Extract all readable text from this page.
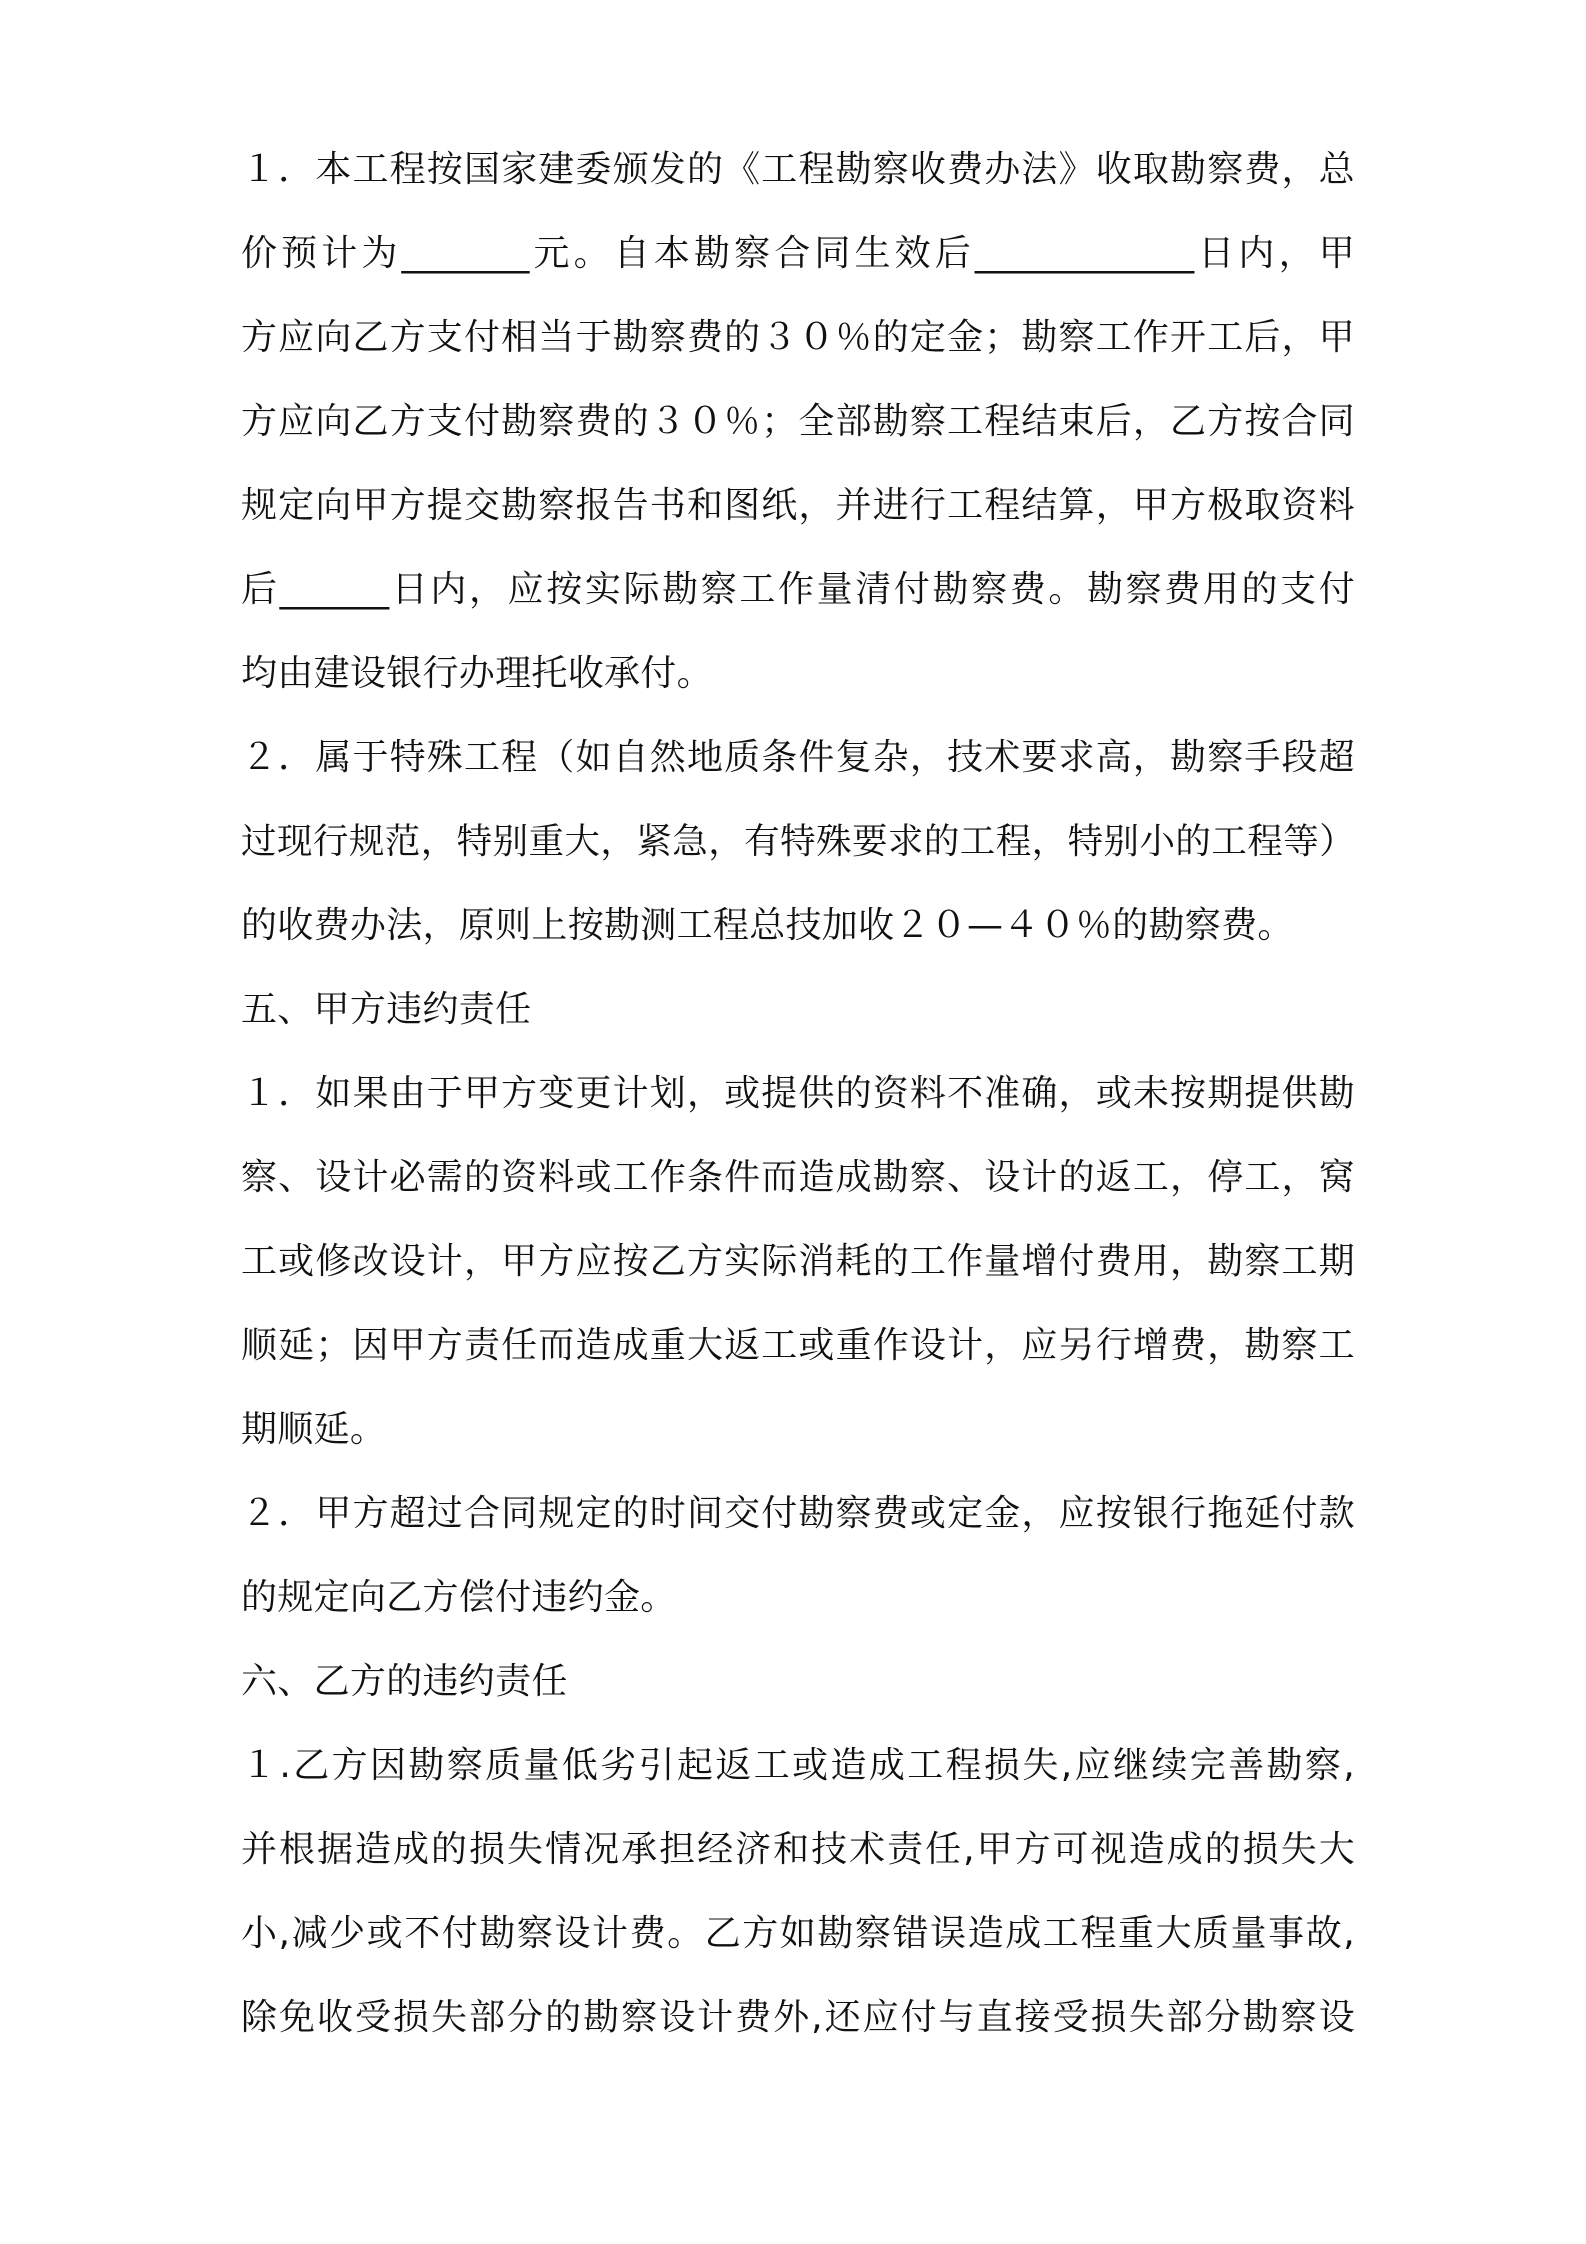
１．本工程按国家建委颁发的《工程勘察收费办法》收取勘察费，总
价预计为_______元。自本勘察合同生效后____________日内，甲
方应向乙方支付相当于勘察费的３０％的定金；勘察工作开工后，甲
方应向乙方支付勘察费的３０％；全部勘察工程结束后，乙方按合同
规定向甲方提交勘察报告书和图纸，并进行工程结算，甲方极取资料
后______日内，应按实际勘察工作量清付勘察费。勘察费用的支付
均由建设银行办理托收承付。
２．属于特殊工程（如自然地质条件复杂，技术要求高，勘察手段超
过现行规范，特别重大，紧急，有特殊要求的工程，特别小的工程等）
的收费办法，原则上按勘测工程总技加收２０—４０％的勘察费。
五、甲方违约责任
１．如果由于甲方变更计划，或提供的资料不准确，或未按期提供勘
察、设计必需的资料或工作条件而造成勘察、设计的返工，停工，窝
工或修改设计，甲方应按乙方实际消耗的工作量增付费用，勘察工期
顺延；因甲方责任而造成重大返工或重作设计，应另行增费，勘察工
期顺延。
２．甲方超过合同规定的时间交付勘察费或定金，应按银行拖延付款
的规定向乙方偿付违约金。
六、乙方的违约责任
１.乙方因勘察质量低劣引起返工或造成工程损失,应继续完善勘察,
并根据造成的损失情况承担经济和技术责任,甲方可视造成的损失大
小,减少或不付勘察设计费。乙方如勘察错误造成工程重大质量事故,
除免收受损失部分的勘察设计费外,还应付与直接受损失部分勘察设
